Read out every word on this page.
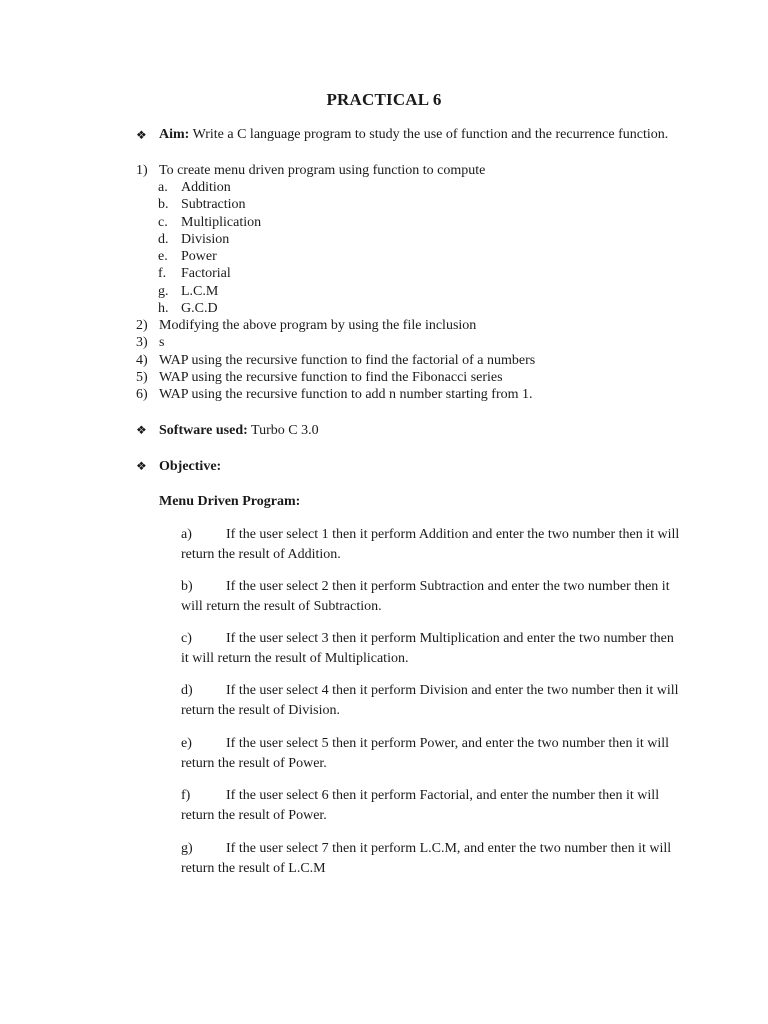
PRACTICAL 6
❖ Aim: Write a C language program to study the use of function and the recurrence function.
1) To create menu driven program using function to compute
a. Addition
b. Subtraction
c. Multiplication
d. Division
e. Power
f. Factorial
g. L.C.M
h. G.C.D
2) Modifying the above program by using the file inclusion
3) s
4) WAP using the recursive function to find the factorial of a numbers
5) WAP using the recursive function to find the Fibonacci series
6) WAP using the recursive function to add n number starting from 1.
❖ Software used: Turbo C 3.0
❖ Objective:
Menu Driven Program:
a) If the user select 1 then it perform Addition and enter the two number then it will return the result of Addition.
b) If the user select 2 then it perform Subtraction and enter the two number then it will return the result of Subtraction.
c) If the user select 3 then it perform Multiplication and enter the two number then it will return the result of Multiplication.
d) If the user select 4 then it perform Division and enter the two number then it will return the result of Division.
e) If the user select 5 then it perform Power, and enter the two number then it will return the result of Power.
f)	If the user select 6 then it perform Factorial, and enter the number then it will return the result of Power.
g) If the user select 7 then it perform L.C.M, and enter the two number then it will return the result of L.C.M
